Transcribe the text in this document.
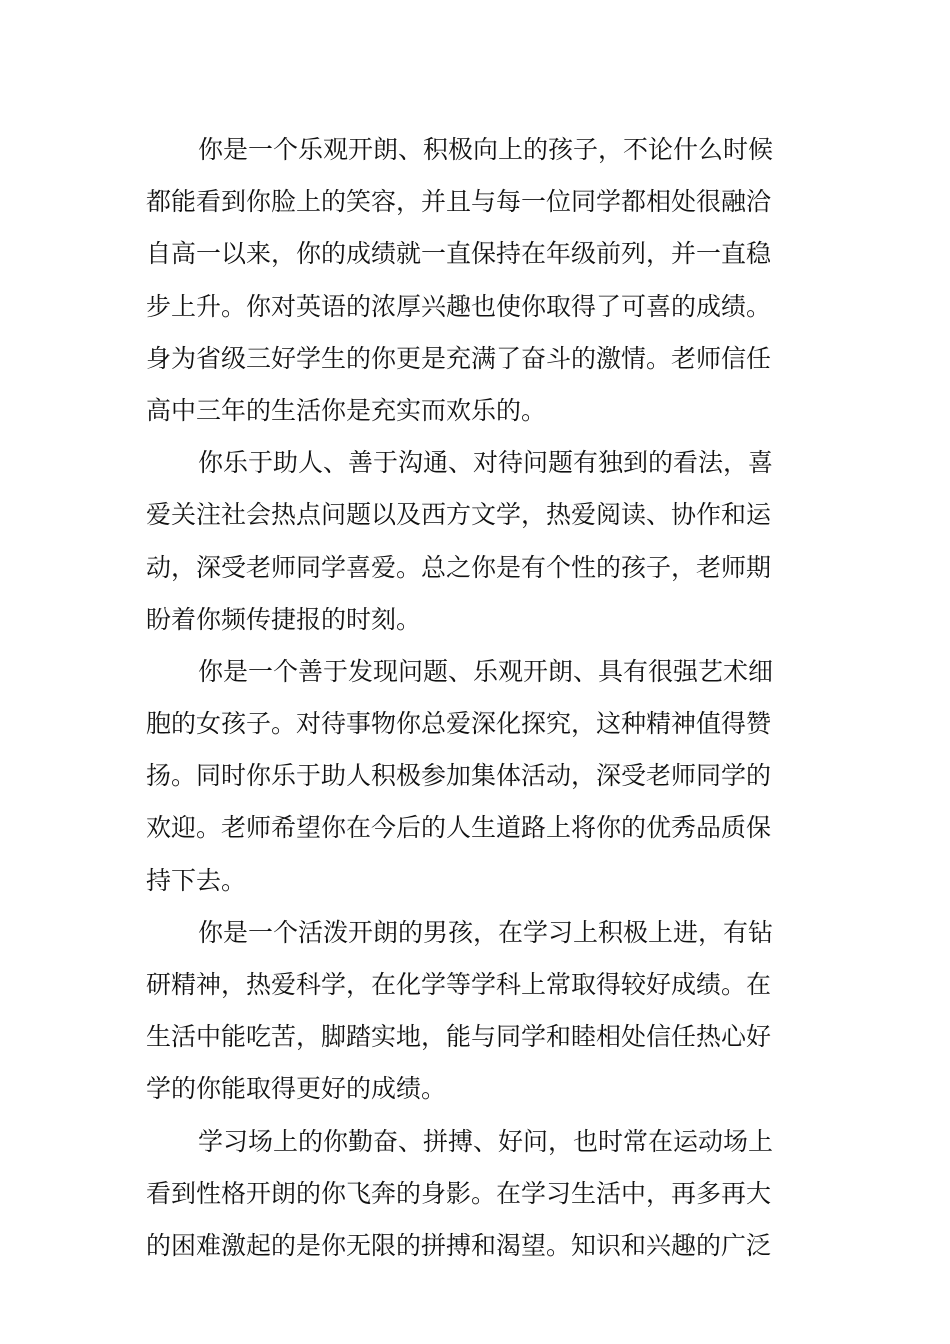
你是一个乐观开朗、积极向上的孩子，不论什么时候
都能看到你脸上的笑容，并且与每一位同学都相处很融洽
自高一以来，你的成绩就一直保持在年级前列，并一直稳
步上升。你对英语的浓厚兴趣也使你取得了可喜的成绩。
身为省级三好学生的你更是充满了奋斗的激情。老师信任
高中三年的生活你是充实而欢乐的。
你乐于助人、善于沟通、对待问题有独到的看法，喜
爱关注社会热点问题以及西方文学，热爱阅读、协作和运
动，深受老师同学喜爱。总之你是有个性的孩子，老师期
盼着你频传捷报的时刻。
你是一个善于发现问题、乐观开朗、具有很强艺术细
胞的女孩子。对待事物你总爱深化探究，这种精神值得赞
扬。同时你乐于助人积极参加集体活动，深受老师同学的
欢迎。老师希望你在今后的人生道路上将你的优秀品质保
持下去。
你是一个活泼开朗的男孩，在学习上积极上进，有钻
研精神，热爱科学，在化学等学科上常取得较好成绩。在
生活中能吃苦，脚踏实地，能与同学和睦相处信任热心好
学的你能取得更好的成绩。
学习场上的你勤奋、拼搏、好问，也时常在运动场上
看到性格开朗的你飞奔的身影。在学习生活中，再多再大
的困难激起的是你无限的拼搏和渴望。知识和兴趣的广泛
